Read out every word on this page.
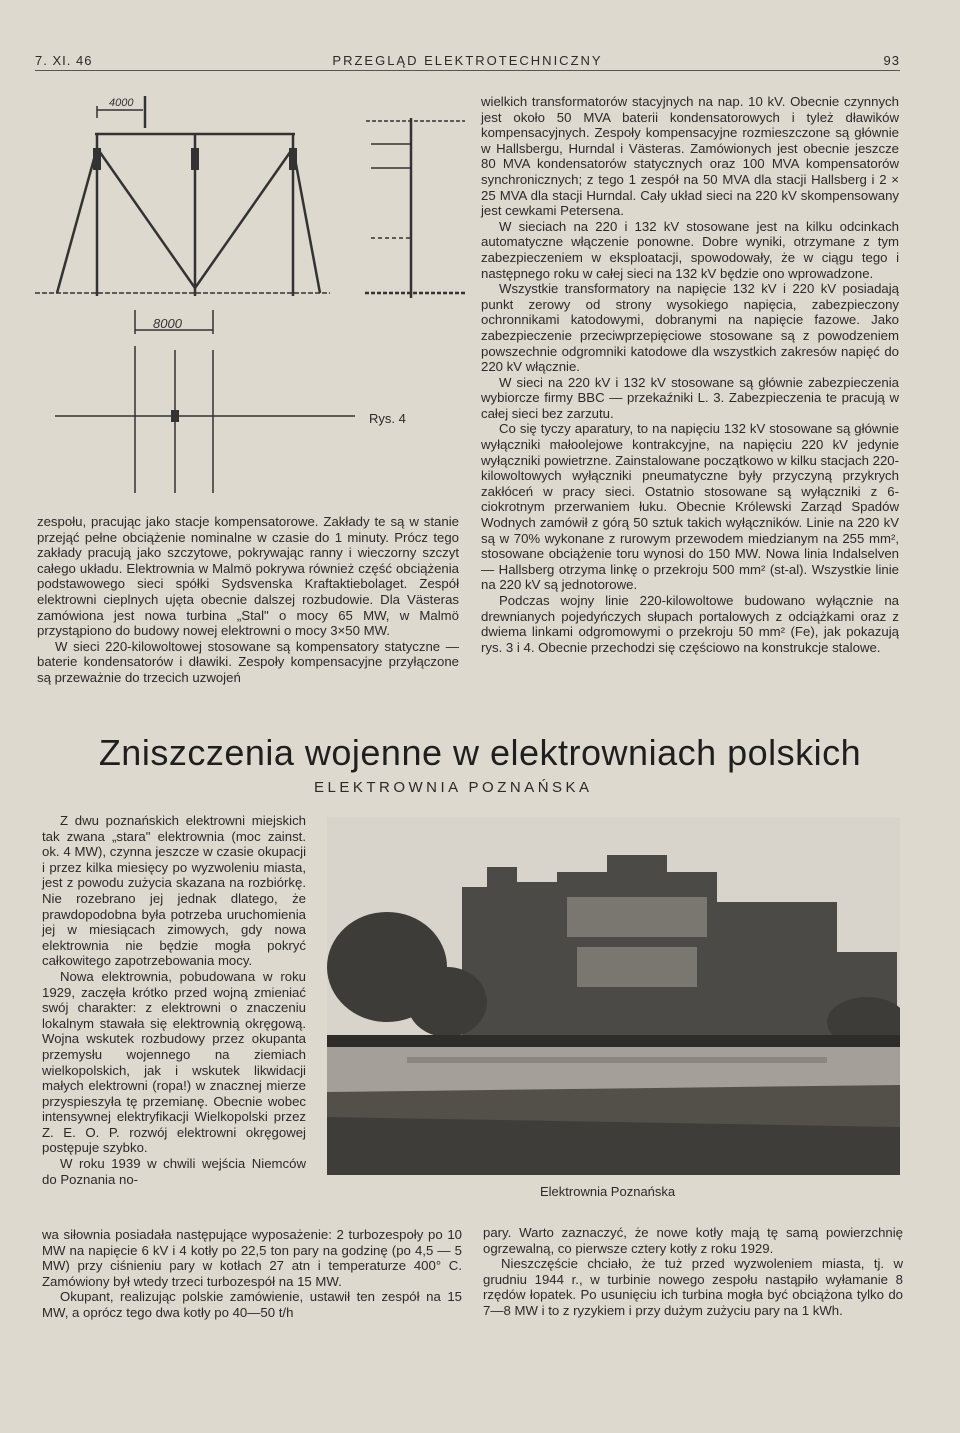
7. XI. 46	PRZEGLĄD ELEKTROTECHNICZNY	93
4000
8000
Rys. 4

wielkich transformatorów stacyjnych na nap. 10 kV. Obecnie czynnych jest około 50 MVA baterii kondensatorowych i tyleż dławików kompensacyjnych. Zespoły kompensacyjne rozmieszczone są głównie w Hallsbergu, Hurndal i Västeras. Zamówionych jest obecnie jeszcze 80 MVA kondensatorów statycznych oraz 100 MVA kompensatorów synchronicznych; z tego 1 zespół na 50 MVA dla stacji Hallsberg i 2 × 25 MVA dla stacji Hurndal. Cały układ sieci na 220 kV skompensowany jest cewkami Petersena.

W sieciach na 220 i 132 kV stosowane jest na kilku odcinkach automatyczne włączenie ponowne. Dobre wyniki, otrzymane z tym zabezpieczeniem w eksploatacji, spowodowały, że w ciągu tego i następnego roku w całej sieci na 132 kV będzie ono wprowadzone.

Wszystkie transformatory na napięcie 132 kV i 220 kV posiadają punkt zerowy od strony wysokiego napięcia, zabezpieczony ochronnikami katodowymi, dobranymi na napięcie fazowe. Jako zabezpieczenie przeciwprzepięciowe stosowane są z powodzeniem powszechnie odgromniki katodowe dla wszystkich zakresów napięć do 220 kV włącznie.

W sieci na 220 kV i 132 kV stosowane są głównie zabezpieczenia wybiorcze firmy BBC — przekaźniki L. 3. Zabezpieczenia te pracują w całej sieci bez zarzutu.

Co się tyczy aparatury, to na napięciu 132 kV stosowane są głównie wyłączniki małoolejowe kontrakcyjne, na napięciu 220 kV jedynie wyłączniki powietrzne. Zainstalowane początkowo w kilku stacjach 220-kilowoltowych wyłączniki pneumatyczne były przyczyną przykrych zakłóceń w pracy sieci. Ostatnio stosowane są wyłączniki z 6-ciokrotnym przerwaniem łuku. Obecnie Królewski Zarząd Spadów Wodnych zamówił z górą 50 sztuk takich wyłączników. Linie na 220 kV są w 70% wykonane z rurowym przewodem miedzianym na 255 mm², stosowane obciążenie toru wynosi do 150 MW. Nowa linia Indalselven — Hallsberg otrzyma linkę o przekroju 500 mm² (st-al). Wszystkie linie na 220 kV są jednotorowe.

Podczas wojny linie 220-kilowoltowe budowano wyłącznie na drewnianych pojedyńczych słupach portalowych z odciążkami oraz z dwiema linkami odgromowymi o przekroju 50 mm² (Fe), jak pokazują rys. 3 i 4. Obecnie przechodzi się częściowo na konstrukcje stalowe.

zespołu, pracując jako stacje kompensatorowe. Zakłady te są w stanie przejąć pełne obciążenie nominalne w czasie do 1 minuty. Prócz tego zakłady pracują jako szczytowe, pokrywając ranny i wieczorny szczyt całego układu. Elektrownia w Malmö pokrywa również część obciążenia podstawowego sieci spółki Sydsvenska Kraftaktiebolaget. Zespół elektrowni cieplnych ujęta obecnie dalszej rozbudowie. Dla Västeras zamówiona jest nowa turbina „Stal" o mocy 65 MW, w Malmö przystąpiono do budowy nowej elektrowni o mocy 3×50 MW.

W sieci 220-kilowoltowej stosowane są kompensatory statyczne — baterie kondensatorów i dławiki. Zespoły kompensacyjne przyłączone są przeważnie do trzecich uzwojeń

Zniszczenia wojenne w elektrowniach polskich
ELEKTROWNIA POZNAŃSKA

Z dwu poznańskich elektrowni miejskich tak zwana „stara" elektrownia (moc zainst. ok. 4 MW), czynna jeszcze w czasie okupacji i przez kilka miesięcy po wyzwoleniu miasta, jest z powodu zużycia skazana na rozbiórkę. Nie rozebrano jej jednak dlatego, że prawdopodobna była potrzeba uruchomienia jej w miesiącach zimowych, gdy nowa elektrownia nie będzie mogła pokryć całkowitego zapotrzebowania mocy.

Nowa elektrownia, pobudowana w roku 1929, zaczęła krótko przed wojną zmieniać swój charakter: z elektrowni o znaczeniu lokalnym stawała się elektrownią okręgową. Wojna wskutek rozbudowy przez okupanta przemysłu wojennego na ziemiach wielkopolskich, jak i wskutek likwidacji małych elektrowni (ropa!) w znacznej mierze przyspieszyła tę przemianę. Obecnie wobec intensywnej elektryfikacji Wielkopolski przez Z. E. O. P. rozwój elektrowni okręgowej postępuje szybko.

W roku 1939 w chwili wejścia Niemców do Poznania no-

Elektrownia Poznańska

wa siłownia posiadała następujące wyposażenie: 2 turbozespoły po 10 MW na napięcie 6 kV i 4 kotły po 22,5 ton pary na godzinę (po 4,5 — 5 MW) przy ciśnieniu pary w kotłach 27 atn i temperaturze 400° C. Zamówiony był wtedy trzeci turbozespół na 15 MW.

Okupant, realizując polskie zamówienie, ustawił ten zespół na 15 MW, a oprócz tego dwa kotły po 40—50 t/h

pary. Warto zaznaczyć, że nowe kotły mają tę samą powierzchnię ogrzewalną, co pierwsze cztery kotły z roku 1929.

Nieszczęście chciało, że tuż przed wyzwoleniem miasta, tj. w grudniu 1944 r., w turbinie nowego zespołu nastąpiło wyłamanie 8 rzędów łopatek. Po usunięciu ich turbina mogła być obciążona tylko do 7—8 MW i to z ryzykiem i przy dużym zużyciu pary na 1 kWh.
